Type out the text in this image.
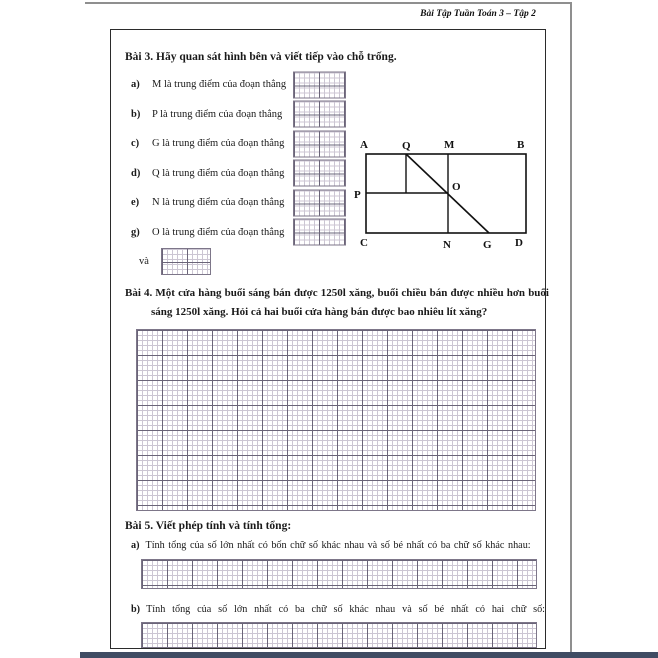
Bài Tập Tuần Toán 3 – Tập 2
Bài 3. Hãy quan sát hình bên và viết tiếp vào chỗ trống.
a)	M là trung điểm của đoạn thẳng
b)	P là trung điểm của đoạn thẳng
c)	G là trung điểm của đoạn thẳng
d)	Q là trung điểm của đoạn thẳng
e)	N là trung điểm của đoạn thẳng
g)	O là trung điểm của đoạn thẳng
và
A	Q	M	B
P
O
C	N	G D
Bài 4. Một cửa hàng buổi sáng bán được 1250l xăng, buổi chiều bán được nhiều hơn buổi sáng 1250l xăng. Hỏi cả hai buổi cửa hàng bán được bao nhiêu lít xăng?
Bài 5. Viết phép tính và tính tổng:
a) Tính tổng của số lớn nhất có bốn chữ số khác nhau và số bé nhất có ba chữ số khác nhau:
b) Tính tổng của số lớn nhất có ba chữ số khác nhau và số bé nhất có hai chữ số:
